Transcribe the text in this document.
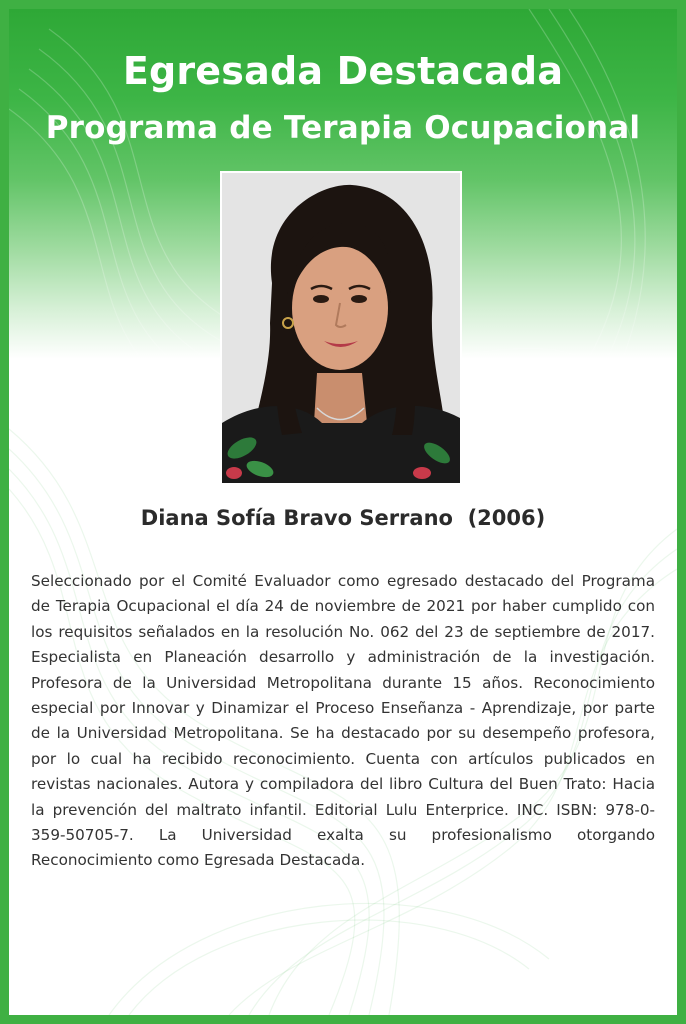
Egresada Destacada
Programa de Terapia Ocupacional

Diana Sofía Bravo Serrano  (2006)

Seleccionado por el Comité Evaluador como egresado destacado del Programa de Terapia Ocupacional el día 24 de noviembre de 2021 por haber cumplido con los requisitos señalados en la resolución No. 062 del 23 de septiembre de 2017. Especialista en Planeación desarrollo y administración de la investigación. Profesora de la Universidad Metropolitana durante 15 años. Reconocimiento especial por Innovar y Dinamizar el Proceso Enseñanza - Aprendizaje, por parte de la Universidad Metropolitana. Se ha destacado por su desempeño profesora, por lo cual ha recibido reconocimiento. Cuenta con artículos publicados en revistas nacionales. Autora y compiladora del libro Cultura del Buen Trato: Hacia la prevención del maltrato infantil. Editorial Lulu Enterprice. INC. ISBN: 978-0-359-50705-7. La Universidad exalta su profesionalismo otorgando Reconocimiento como Egresada Destacada.
